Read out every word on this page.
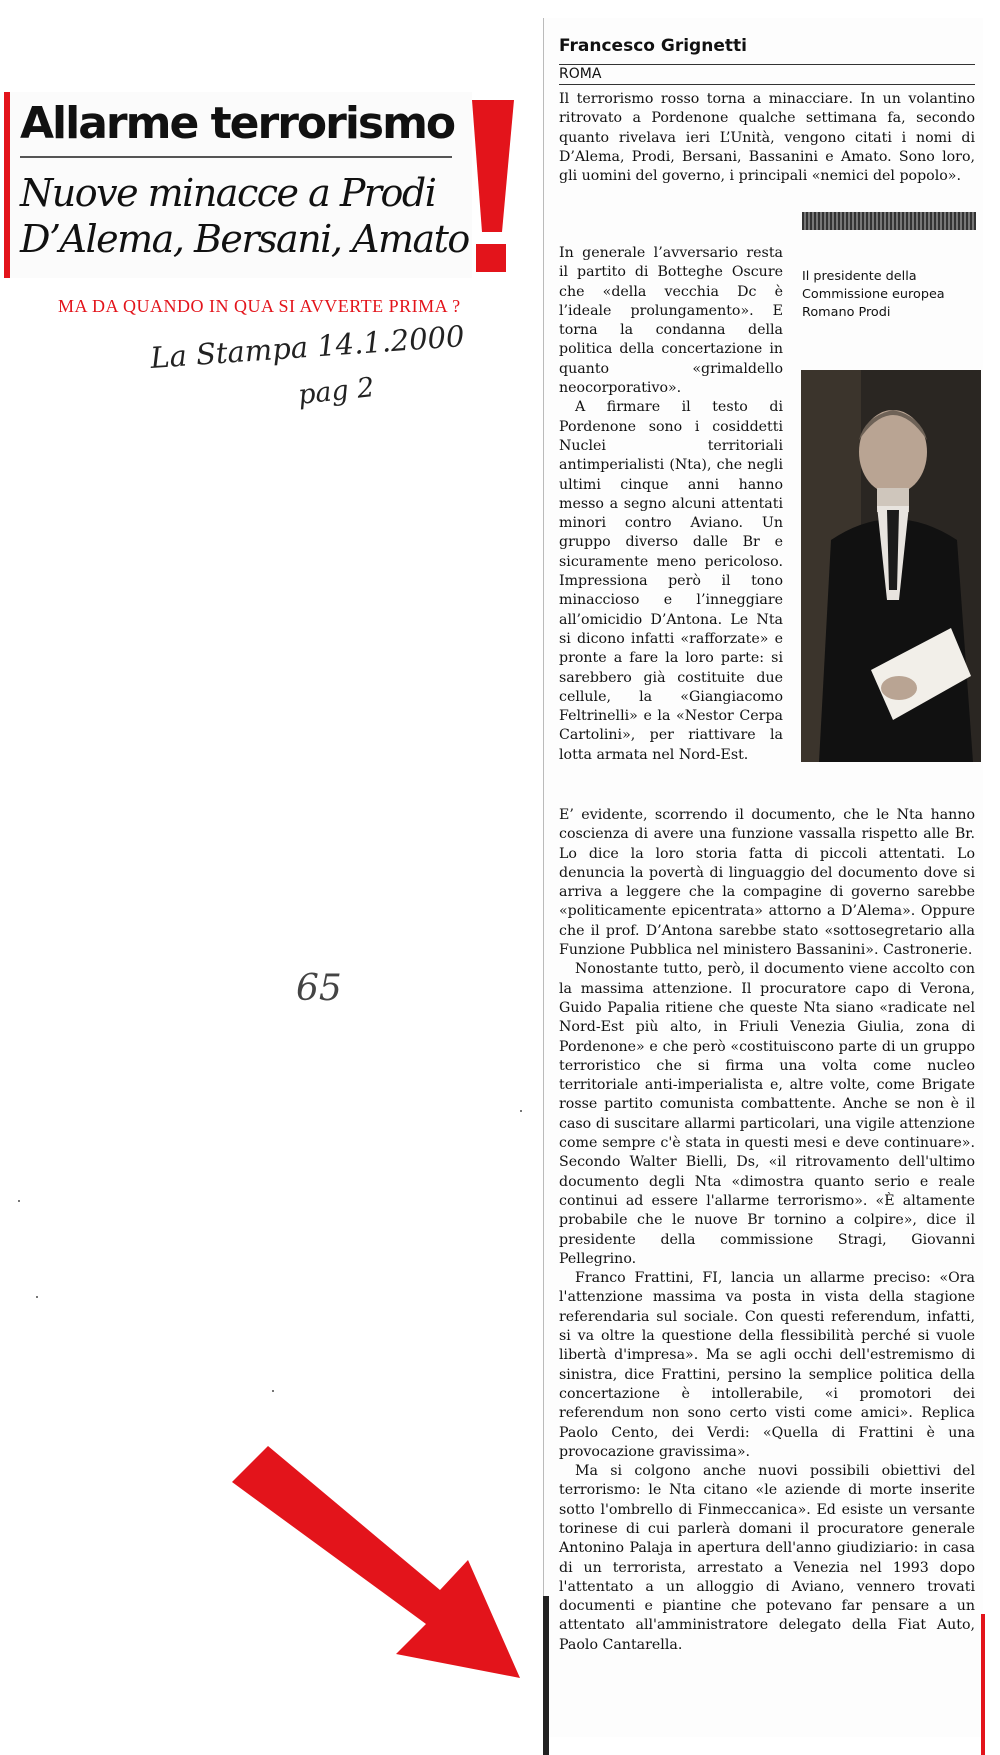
Allarme terrorismo
Nuove minacce a Prodi
D’Alema, Bersani, Amato
MA DA QUANDO IN QUA SI AVVERTE PRIMA ?
La Stampa 14.1.2000
pag 2
65
Francesco Grignetti
ROMA

Il terrorismo rosso torna a minacciare. In un volantino ritrovato a Pordenone qualche settimana fa, secondo quanto rivelava ieri L’Unità, vengono citati i nomi di D’Alema, Prodi, Bersani, Bassanini e Amato. Sono loro, gli uomini del governo, i principali «nemici del popolo».

In generale l’avversario resta il partito di Botteghe Oscure che «della vecchia Dc è l’ideale prolungamento». E torna la condanna della politica della concertazione in quanto «grimaldello neocorporativo».

A firmare il testo di Pordenone sono i cosiddetti Nuclei territoriali antimperialisti (Nta), che negli ultimi cinque anni hanno messo a segno alcuni attentati minori contro Aviano. Un gruppo diverso dalle Br e sicuramente meno pericoloso. Impressiona però il tono minaccioso e l’inneggiare all’omicidio D’Antona. Le Nta si dicono infatti «rafforzate» e pronte a fare la loro parte: si sarebbero già costituite due cellule, la «Giangiacomo Feltrinelli» e la «Nestor Cerpa Cartolini», per riattivare la lotta armata nel Nord-Est.

Il presidente della Commissione europea Romano Prodi

E’ evidente, scorrendo il documento, che le Nta hanno coscienza di avere una funzione vassalla rispetto alle Br. Lo dice la loro storia fatta di piccoli attentati. Lo denuncia la povertà di linguaggio del documento dove si arriva a leggere che la compagine di governo sarebbe «politicamente epicentrata» attorno a D’Alema». Oppure che il prof. D’Antona sarebbe stato «sottosegretario alla Funzione Pubblica nel ministero Bassanini». Castronerie.

Nonostante tutto, però, il documento viene accolto con la massima attenzione. Il procuratore capo di Verona, Guido Papalia ritiene che queste Nta siano «radicate nel Nord-Est più alto, in Friuli Venezia Giulia, zona di Pordenone» e che però «costituiscono parte di un gruppo terroristico che si firma una volta come nucleo territoriale anti-imperialista e, altre volte, come Brigate rosse partito comunista combattente. Anche se non è il caso di suscitare allarmi particolari, una vigile attenzione come sempre c'è stata in questi mesi e deve continuare». Secondo Walter Bielli, Ds, «il ritrovamento dell'ultimo documento degli Nta «dimostra quanto serio e reale continui ad essere l'allarme terrorismo». «È altamente probabile che le nuove Br tornino a colpire», dice il presidente della commissione Stragi, Giovanni Pellegrino.

Franco Frattini, FI, lancia un allarme preciso: «Ora l'attenzione massima va posta in vista della stagione referendaria sul sociale. Con questi referendum, infatti, si va oltre la questione della flessibilità perché si vuole libertà d'impresa». Ma se agli occhi dell'estremismo di sinistra, dice Frattini, persino la semplice politica della concertazione è intollerabile, «i promotori dei referendum non sono certo visti come amici». Replica Paolo Cento, dei Verdi: «Quella di Frattini è una provocazione gravissima».

Ma si colgono anche nuovi possibili obiettivi del terrorismo: le Nta citano «le aziende di morte inserite sotto l'ombrello di Finmeccanica». Ed esiste un versante torinese di cui parlerà domani il procuratore generale Antonino Palaja in apertura dell'anno giudiziario: in casa di un terrorista, arrestato a Venezia nel 1993 dopo l'attentato a un alloggio di Aviano, vennero trovati documenti e piantine che potevano far pensare a un attentato all'amministratore delegato della Fiat Auto, Paolo Cantarella.
